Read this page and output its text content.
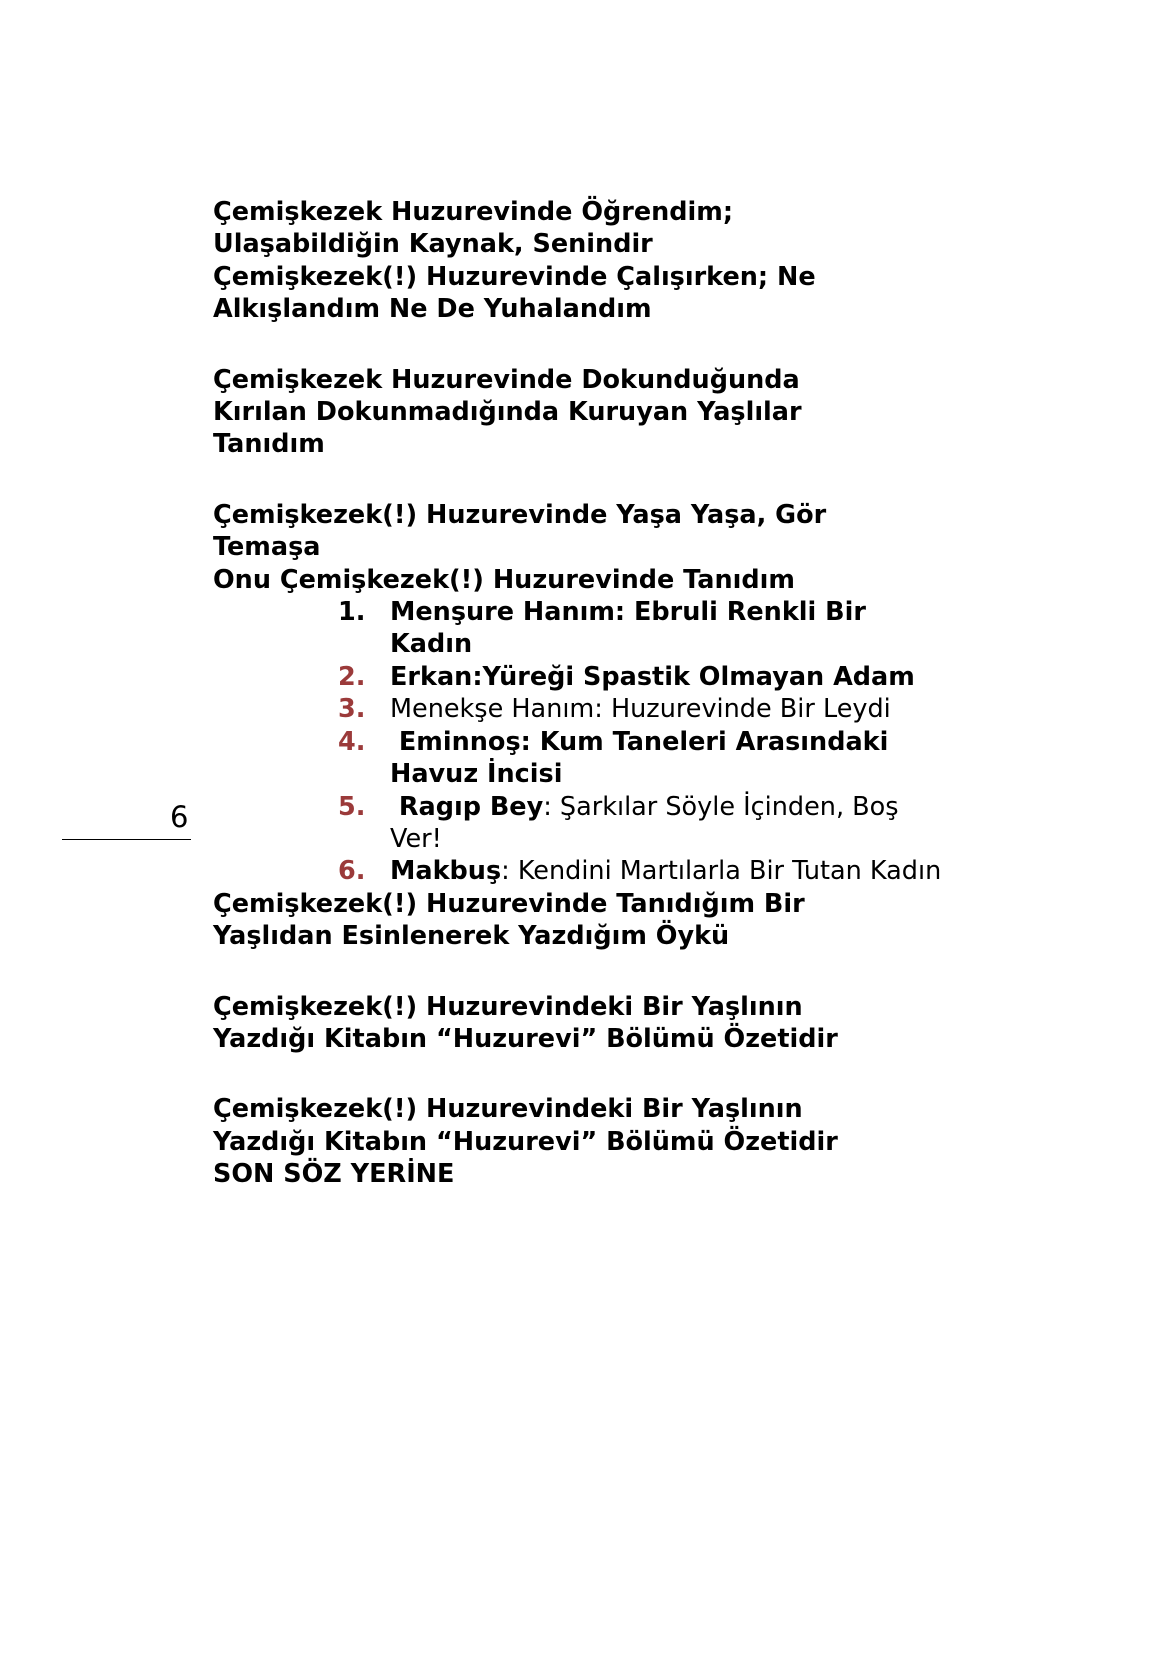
6

Çemişkezek Huzurevinde Öğrendim;
Ulaşabildiğin Kaynak, Senindir
Çemişkezek(!) Huzurevinde Çalışırken; Ne
Alkışlandım Ne De Yuhalandım

Çemişkezek Huzurevinde Dokunduğunda
Kırılan Dokunmadığında Kuruyan Yaşlılar
Tanıdım

Çemişkezek(!) Huzurevinde Yaşa Yaşa, Gör
Temaşa
Onu Çemişkezek(!) Huzurevinde Tanıdım

1. Menşure Hanım: Ebruli Renkli Bir Kadın
2. Erkan:Yüreği Spastik Olmayan Adam
3. Menekşe Hanım: Huzurevinde Bir Leydi
4. Eminnoş: Kum Taneleri Arasındaki Havuz İncisi
5. Ragıp Bey: Şarkılar Söyle İçinden, Boş Ver!
6. Makbuş: Kendini Martılarla Bir Tutan Kadın

Çemişkezek(!) Huzurevinde Tanıdığım Bir
Yaşlıdan Esinlenerek Yazdığım Öykü

Çemişkezek(!) Huzurevindeki Bir Yaşlının
Yazdığı Kitabın “Huzurevi” Bölümü Özetidir

Çemişkezek(!) Huzurevindeki Bir Yaşlının
Yazdığı Kitabın “Huzurevi” Bölümü Özetidir
SON SÖZ YERİNE
